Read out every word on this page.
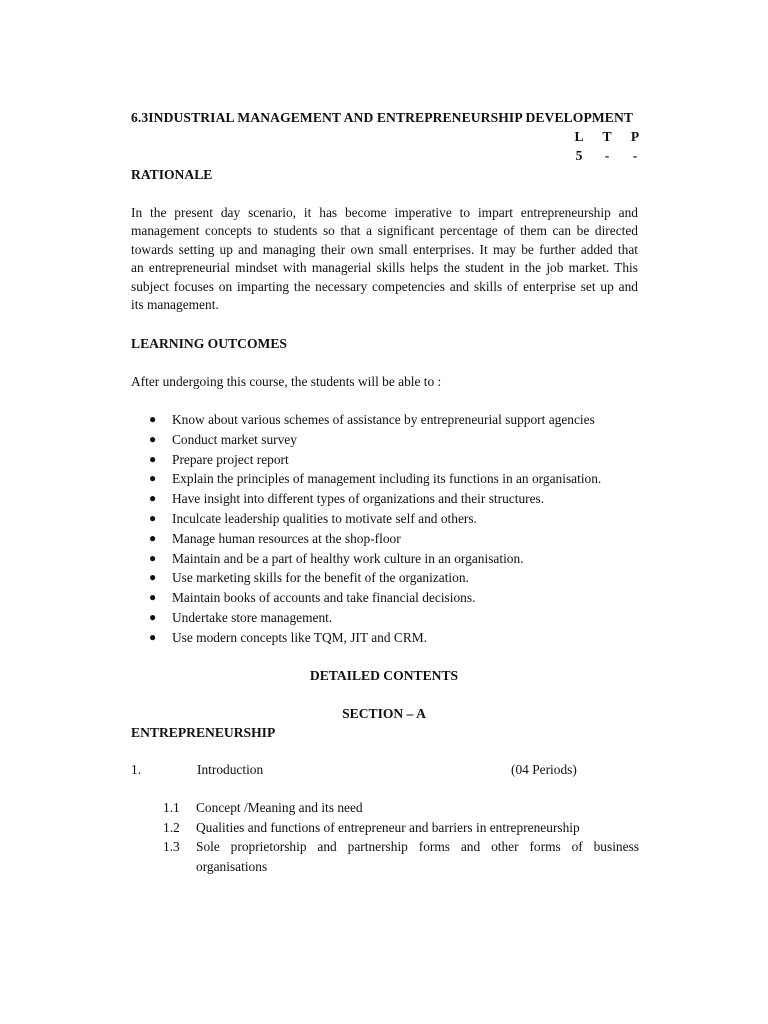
6.3INDUSTRIAL MANAGEMENT AND ENTREPRENEURSHIP DEVELOPMENT
L T P
5	-	-
RATIONALE
In the present day scenario, it has become imperative to impart entrepreneurship and
management concepts to students so that a significant percentage of them can be directed
towards setting up and managing their own small enterprises. It may be further added that
an entrepreneurial mindset with managerial skills helps the student in the job market. This
subject focuses on imparting the necessary competencies and skills of enterprise set up and
its management.
LEARNING OUTCOMES
After undergoing this course, the students will be able to :
● Know about various schemes of assistance by entrepreneurial support agencies
● Conduct market survey
● Prepare project report
● Explain the principles of management including its functions in an organisation.
● Have insight into different types of organizations and their structures.
● Inculcate leadership qualities to motivate self and others.
● Manage human resources at the shop-floor
● Maintain and be a part of healthy work culture in an organisation.
● Use marketing skills for the benefit of the organization.
● Maintain books of accounts and take financial decisions.
● Undertake store management.
● Use modern concepts like TQM, JIT and CRM.
DETAILED CONTENTS
SECTION – A
ENTREPRENEURSHIP
1.	Introduction	(04 Periods)
1.1 Concept /Meaning and its need
1.2 Qualities and functions of entrepreneur and barriers in entrepreneurship
1.3 Sole proprietorship and partnership forms and other forms of business
organisations
